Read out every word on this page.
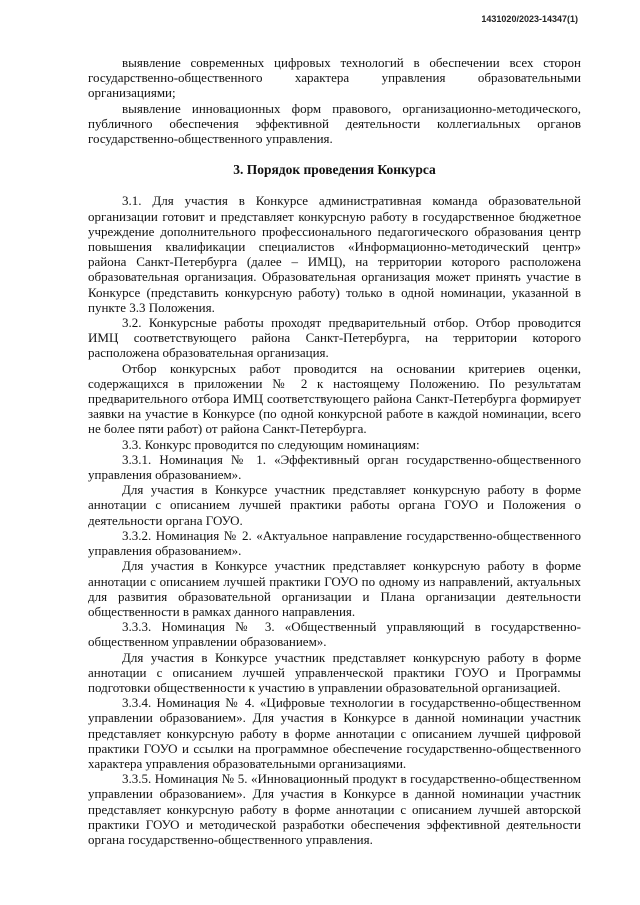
1431020/2023-14347(1)

выявление современных цифровых технологий в обеспечении всех сторон государственно-общественного характера управления образовательными организациями;

выявление инновационных форм правового, организационно-методического, публичного обеспечения эффективной деятельности коллегиальных органов государственно-общественного управления.

3. Порядок проведения Конкурса

3.1. Для участия в Конкурсе административная команда образовательной организации готовит и представляет конкурсную работу в государственное бюджетное учреждение дополнительного профессионального педагогического образования центр повышения квалификации специалистов «Информационно-методический центр» района Санкт-Петербурга (далее – ИМЦ), на территории которого расположена образовательная организация. Образовательная организация может принять участие в Конкурсе (представить конкурсную работу) только в одной номинации, указанной в пункте 3.3 Положения.

3.2. Конкурсные работы проходят предварительный отбор. Отбор проводится ИМЦ соответствующего района Санкт-Петербурга, на территории которого расположена образовательная организация.

Отбор конкурсных работ проводится на основании критериев оценки, содержащихся в приложении № 2 к настоящему Положению. По результатам предварительного отбора ИМЦ соответствующего района Санкт-Петербурга формирует заявки на участие в Конкурсе (по одной конкурсной работе в каждой номинации, всего не более пяти работ) от района Санкт-Петербурга.

3.3. Конкурс проводится по следующим номинациям:

3.3.1. Номинация № 1. «Эффективный орган государственно-общественного управления образованием».

Для участия в Конкурсе участник представляет конкурсную работу в форме аннотации с описанием лучшей практики работы органа ГОУО и Положения о деятельности органа ГОУО.

3.3.2. Номинация № 2. «Актуальное направление государственно-общественного управления образованием».

Для участия в Конкурсе участник представляет конкурсную работу в форме аннотации с описанием лучшей практики ГОУО по одному из направлений, актуальных для развития образовательной организации и Плана организации деятельности общественности в рамках данного направления.

3.3.3. Номинация № 3. «Общественный управляющий в государственно-общественном управлении образованием».

Для участия в Конкурсе участник представляет конкурсную работу в форме аннотации с описанием лучшей управленческой практики ГОУО и Программы подготовки общественности к участию в управлении образовательной организацией.

3.3.4. Номинация № 4. «Цифровые технологии в государственно-общественном управлении образованием». Для участия в Конкурсе в данной номинации участник представляет конкурсную работу в форме аннотации с описанием лучшей цифровой практики ГОУО и ссылки на программное обеспечение государственно-общественного характера управления образовательными организациями.

3.3.5. Номинация № 5. «Инновационный продукт в государственно-общественном управлении образованием». Для участия в Конкурсе в данной номинации участник представляет конкурсную работу в форме аннотации с описанием лучшей авторской практики ГОУО и методической разработки обеспечения эффективной деятельности органа государственно-общественного управления.
